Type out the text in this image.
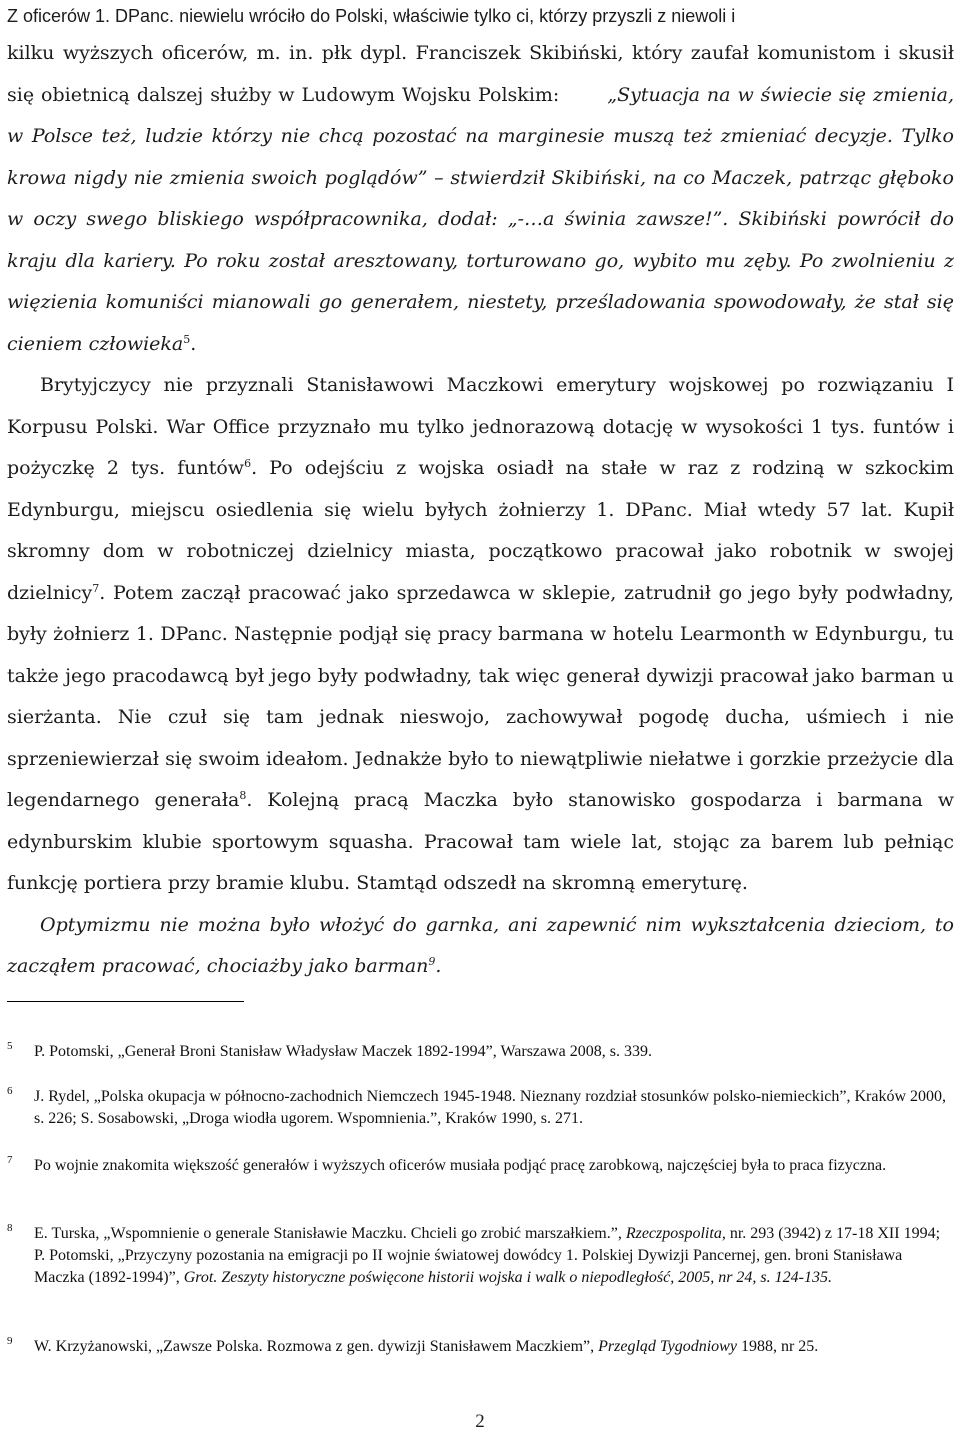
Z oficerów 1. DPanc. niewielu wróciło do Polski, właściwie tylko ci, którzy przyszli z niewoli i

kilku wyższych oficerów, m. in. płk dypl. Franciszek Skibiński, który zaufał komunistom i skusił się obietnicą dalszej służby w Ludowym Wojsku Polskim:	„Sytuacja na w świecie się zmienia, w Polsce też, ludzie którzy nie chcą pozostać na marginesie muszą też zmieniać decyzje. Tylko krowa nigdy nie zmienia swoich poglądów” – stwierdził Skibiński, na co Maczek, patrząc głęboko w oczy swego bliskiego współpracownika, dodał: „-…a świnia zawsze!”. Skibiński powrócił do kraju dla kariery. Po roku został aresztowany, torturowano go, wybito mu zęby. Po zwolnieniu z więzienia komuniści mianowali go generałem, niestety, prześladowania spowodowały, że stał się cieniem człowieka$^5$.

Brytyjczycy nie przyznali Stanisławowi Maczkowi emerytury wojskowej po rozwiązaniu I Korpusu Polski. War Office przyznało mu tylko jednorazową dotację w wysokości 1 tys. funtów i pożyczkę 2 tys. funtów$^6$. Po odejściu z wojska osiadł na stałe w raz z rodziną w szkockim Edynburgu, miejscu osiedlenia się wielu byłych żołnierzy 1. DPanc. Miał wtedy 57 lat. Kupił skromny dom w robotniczej dzielnicy miasta, początkowo pracował jako robotnik w swojej dzielnicy$^7$. Potem zaczął pracować jako sprzedawca w sklepie, zatrudnił go jego były podwładny, były żołnierz 1. DPanc. Następnie podjął się pracy barmana w hotelu Learmonth w Edynburgu, tu także jego pracodawcą był jego były podwładny, tak więc generał dywizji pracował jako barman u sierżanta. Nie czuł się tam jednak nieswojo, zachowywał pogodę ducha, uśmiech i nie sprzeniewierzał się swoim ideałom. Jednakże było to niewątpliwie niełatwe i gorzkie przeżycie dla legendarnego generała$^8$. Kolejną pracą Maczka było stanowisko gospodarza i barmana w edynburskim klubie sportowym squasha. Pracował tam wiele lat, stojąc za barem lub pełniąc funkcję portiera przy bramie klubu. Stamtąd odszedł na skromną emeryturę.

Optymizmu nie można było włożyć do garnka, ani zapewnić nim wykształcenia dzieciom, to zacząłem pracować, chociażby jako barman$^9$.

5	P. Potomski, „Generał Broni Stanisław Władysław Maczek 1892-1994”, Warszawa 2008, s. 339.
6	J. Rydel, „Polska okupacja w północno-zachodnich Niemczech 1945-1948. Nieznany rozdział stosunków polsko-niemieckich”, Kraków 2000, s. 226; S. Sosabowski, „Droga wiodła ugorem. Wspomnienia.”, Kraków 1990, s. 271.
7	Po wojnie znakomita większość generałów i wyższych oficerów musiała podjąć pracę zarobkową, najczęściej była to praca fizyczna.
8	E. Turska, „Wspomnienie o generale Stanisławie Maczku. Chcieli go zrobić marszałkiem.”, Rzeczpospolita, nr. 293 (3942) z 17-18 XII 1994; P. Potomski, „Przyczyny pozostania na emigracji po II wojnie światowej dowódcy 1. Polskiej Dywizji Pancernej, gen. broni Stanisława Maczka (1892-1994)”, Grot. Zeszyty historyczne poświęcone historii wojska i walk o niepodległość, 2005, nr 24, s. 124-135.
9	W. Krzyżanowski, „Zawsze Polska. Rozmowa z gen. dywizji Stanisławem Maczkiem”, Przegląd Tygodniowy 1988, nr 25.
2
